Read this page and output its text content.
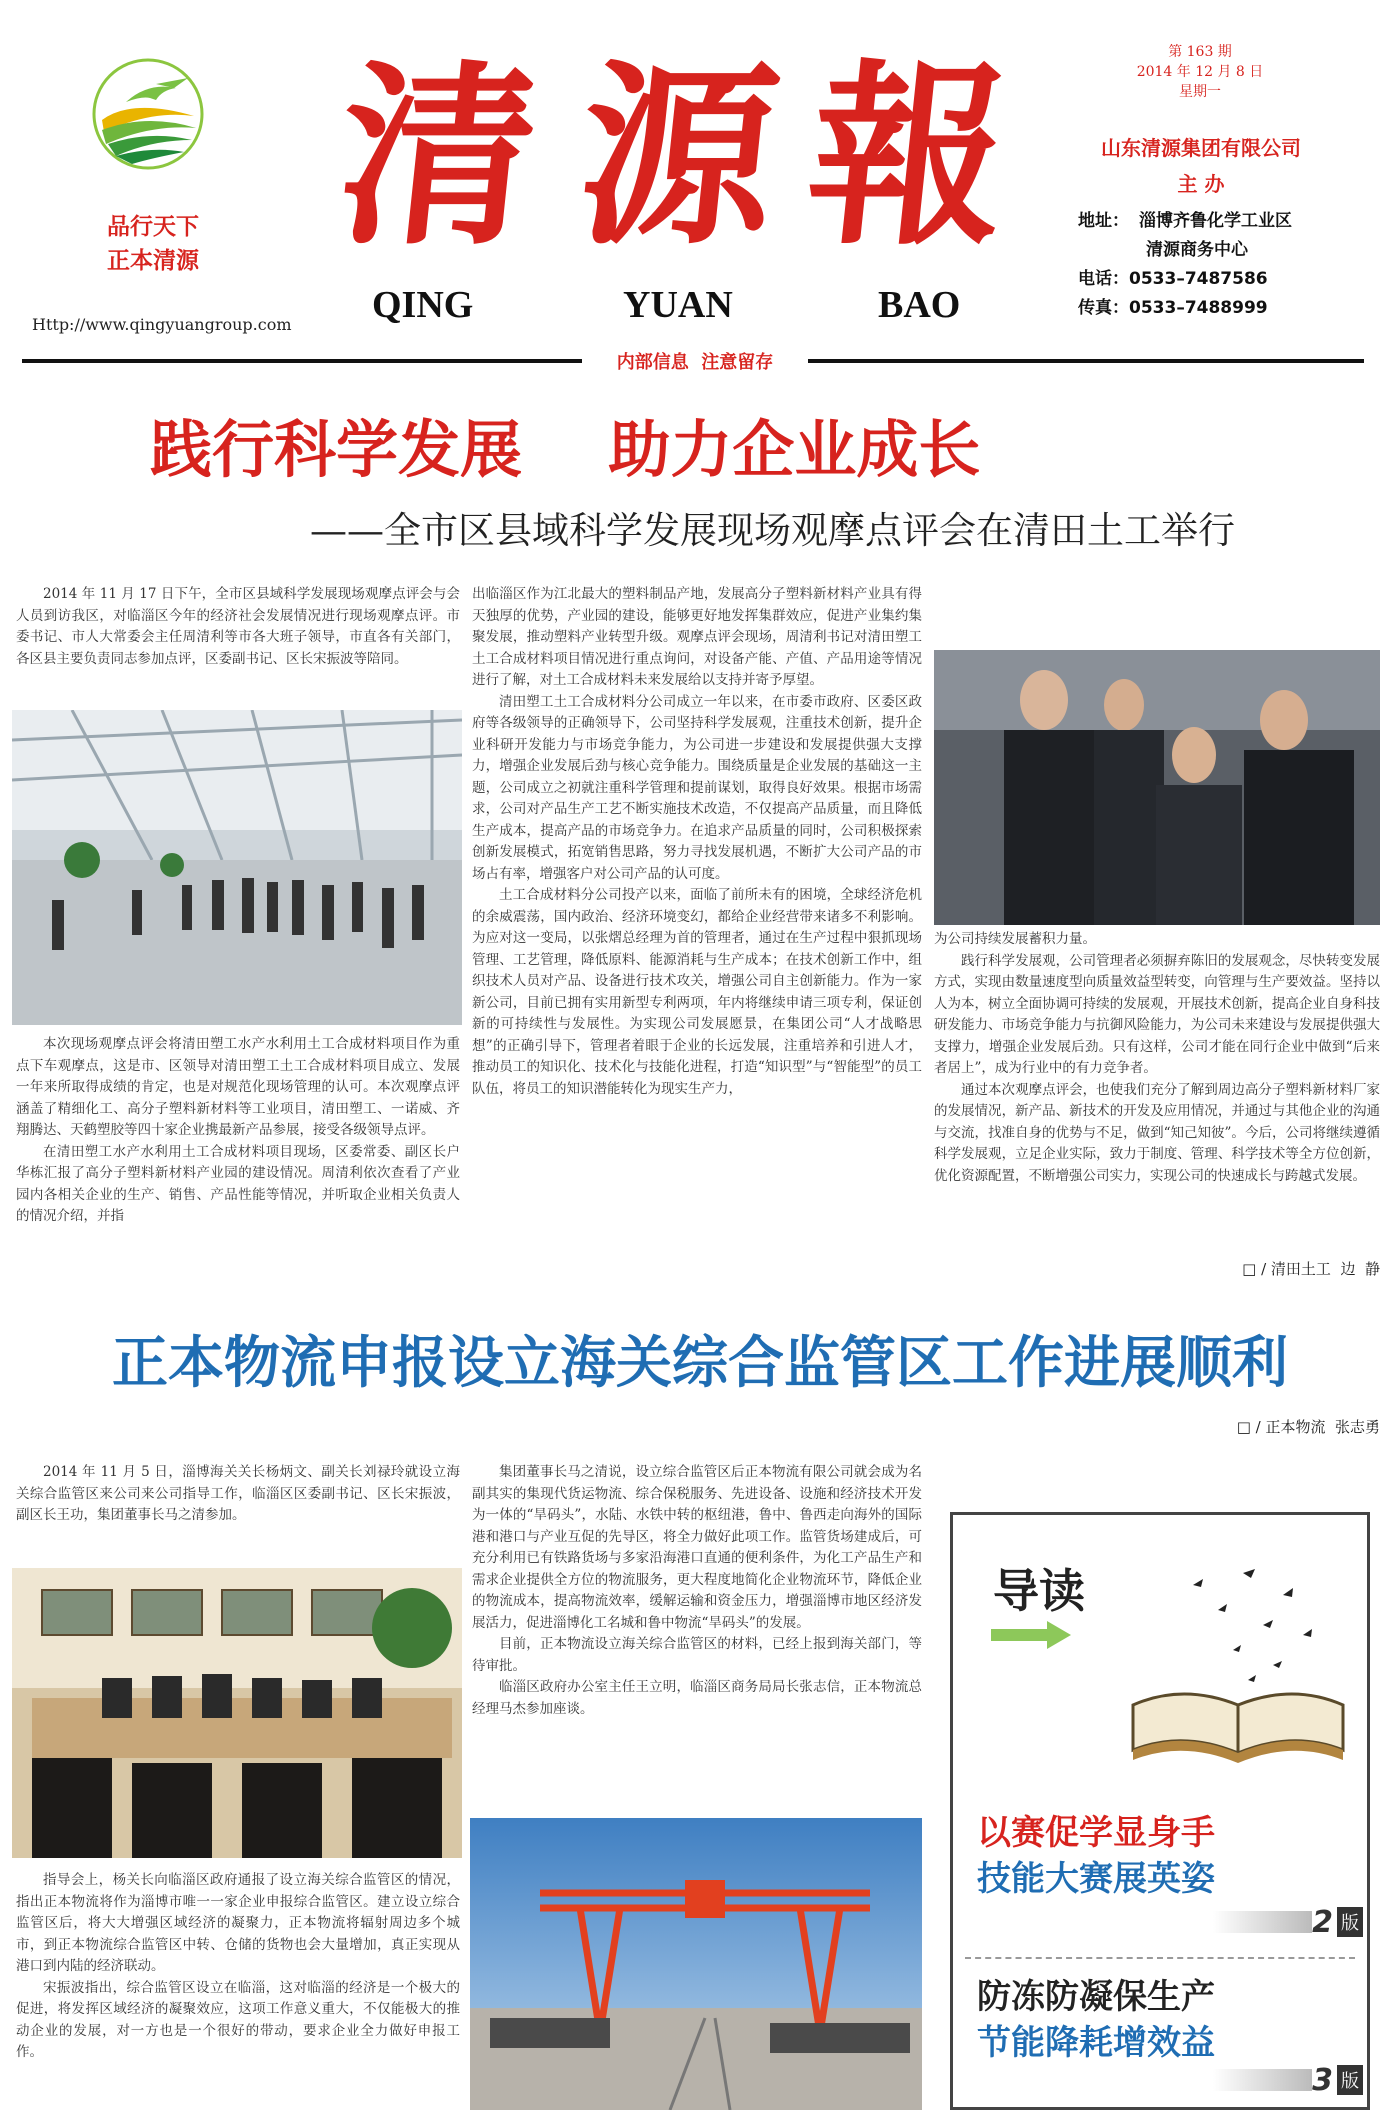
品行天下
正本清源
Http://www.qingyuangroup.com
清 源 報
QING	YUAN	BAO
第 163 期
2014 年 12 月 8 日
星期一
山东清源集团有限公司
主 办
地址： 淄博齐鲁化学工业区
清源商务中心
电话：0533–7487586
传真：0533–7488999
内部信息  注意留存
践行科学发展    助力企业成长
——全市区县域科学发展现场观摩点评会在清田土工举行

2014 年 11 月 17 日下午，全市区县域科学发展现场观摩点评会与会人员到访我区，对临淄区今年的经济社会发展情况进行现场观摩点评。市委书记、市人大常委会主任周清利等市各大班子领导，市直各有关部门，各区县主要负责同志参加点评，区委副书记、区长宋振波等陪同。

本次现场观摩点评会将清田塑工水产水利用土工合成材料项目作为重点下车观摩点，这是市、区领导对清田塑工土工合成材料项目成立、发展一年来所取得成绩的肯定，也是对规范化现场管理的认可。本次观摩点评涵盖了精细化工、高分子塑料新材料等工业项目，清田塑工、一诺威、齐翔腾达、天鹤塑胶等四十家企业携最新产品参展，接受各级领导点评。

在清田塑工水产水利用土工合成材料项目现场，区委常委、副区长户华栋汇报了高分子塑料新材料产业园的建设情况。周清利依次查看了产业园内各相关企业的生产、销售、产品性能等情况，并听取企业相关负责人的情况介绍，并指

出临淄区作为江北最大的塑料制品产地，发展高分子塑料新材料产业具有得天独厚的优势，产业园的建设，能够更好地发挥集群效应，促进产业集约集聚发展，推动塑料产业转型升级。观摩点评会现场，周清利书记对清田塑工土工合成材料项目情况进行重点询问，对设备产能、产值、产品用途等情况进行了解，对土工合成材料未来发展给以支持并寄予厚望。

清田塑工土工合成材料分公司成立一年以来，在市委市政府、区委区政府等各级领导的正确领导下，公司坚持科学发展观，注重技术创新，提升企业科研开发能力与市场竞争能力，为公司进一步建设和发展提供强大支撑力，增强企业发展后劲与核心竞争能力。围绕质量是企业发展的基础这一主题，公司成立之初就注重科学管理和提前谋划，取得良好效果。根据市场需求，公司对产品生产工艺不断实施技术改造，不仅提高产品质量，而且降低生产成本，提高产品的市场竞争力。在追求产品质量的同时，公司积极探索创新发展模式，拓宽销售思路，努力寻找发展机遇，不断扩大公司产品的市场占有率，增强客户对公司产品的认可度。

土工合成材料分公司投产以来，面临了前所未有的困境，全球经济危机的余威震荡，国内政治、经济环境变幻，都给企业经营带来诸多不利影响。为应对这一变局，以张熠总经理为首的管理者，通过在生产过程中狠抓现场管理、工艺管理，降低原料、能源消耗与生产成本；在技术创新工作中，组织技术人员对产品、设备进行技术攻关，增强公司自主创新能力。作为一家新公司，目前已拥有实用新型专利两项，年内将继续申请三项专利，保证创新的可持续性与发展性。为实现公司发展愿景，在集团公司“人才战略思想”的正确引导下，管理者着眼于企业的长远发展，注重培养和引进人才，推动员工的知识化、技术化与技能化进程，打造“知识型”与“智能型”的员工队伍，将员工的知识潜能转化为现实生产力，

为公司持续发展蓄积力量。

践行科学发展观，公司管理者必须摒弃陈旧的发展观念，尽快转变发展方式，实现由数量速度型向质量效益型转变，向管理与生产要效益。坚持以人为本，树立全面协调可持续的发展观，开展技术创新，提高企业自身科技研发能力、市场竞争能力与抗御风险能力，为公司未来建设与发展提供强大支撑力，增强企业发展后劲。只有这样，公司才能在同行企业中做到“后来者居上”，成为行业中的有力竞争者。

通过本次观摩点评会，也使我们充分了解到周边高分子塑料新材料厂家的发展情况，新产品、新技术的开发及应用情况，并通过与其他企业的沟通与交流，找准自身的优势与不足，做到“知己知彼”。今后，公司将继续遵循科学发展观，立足企业实际，致力于制度、管理、科学技术等全方位创新，优化资源配置，不断增强公司实力，实现公司的快速成长与跨越式发展。

□ / 清田土工  边  静
正本物流申报设立海关综合监管区工作进展顺利
□ / 正本物流  张志勇

2014 年 11 月 5 日，淄博海关关长杨炳文、副关长刘禄玲就设立海关综合监管区来公司来公司指导工作，临淄区区委副书记、区长宋振波，副区长王功，集团董事长马之清参加。

指导会上，杨关长向临淄区政府通报了设立海关综合监管区的情况，指出正本物流将作为淄博市唯一一家企业申报综合监管区。建立设立综合监管区后，将大大增强区域经济的凝聚力，正本物流将辐射周边多个城市，到正本物流综合监管区中转、仓储的货物也会大量增加，真正实现从港口到内陆的经济联动。

宋振波指出，综合监管区设立在临淄，这对临淄的经济是一个极大的促进，将发挥区域经济的凝聚效应，这项工作意义重大，不仅能极大的推动企业的发展，对一方也是一个很好的带动，要求企业全力做好申报工作。

集团董事长马之清说，设立综合监管区后正本物流有限公司就会成为名副其实的集现代货运物流、综合保税服务、先进设备、设施和经济技术开发为一体的“旱码头”，水陆、水铁中转的枢纽港，鲁中、鲁西走向海外的国际港和港口与产业互促的先导区，将全力做好此项工作。监管货场建成后，可充分利用已有铁路货场与多家沿海港口直通的便利条件，为化工产品生产和需求企业提供全方位的物流服务，更大程度地简化企业物流环节，降低企业的物流成本，提高物流效率，缓解运输和资金压力，增强淄博市地区经济发展活力，促进淄博化工名城和鲁中物流“旱码头”的发展。

目前，正本物流设立海关综合监管区的材料，已经上报到海关部门，等待审批。

临淄区政府办公室主任王立明，临淄区商务局局长张志信，正本物流总经理马杰参加座谈。

导读
以赛促学显身手
技能大赛展英姿
2 版
防冻防凝保生产
节能降耗增效益
3 版
